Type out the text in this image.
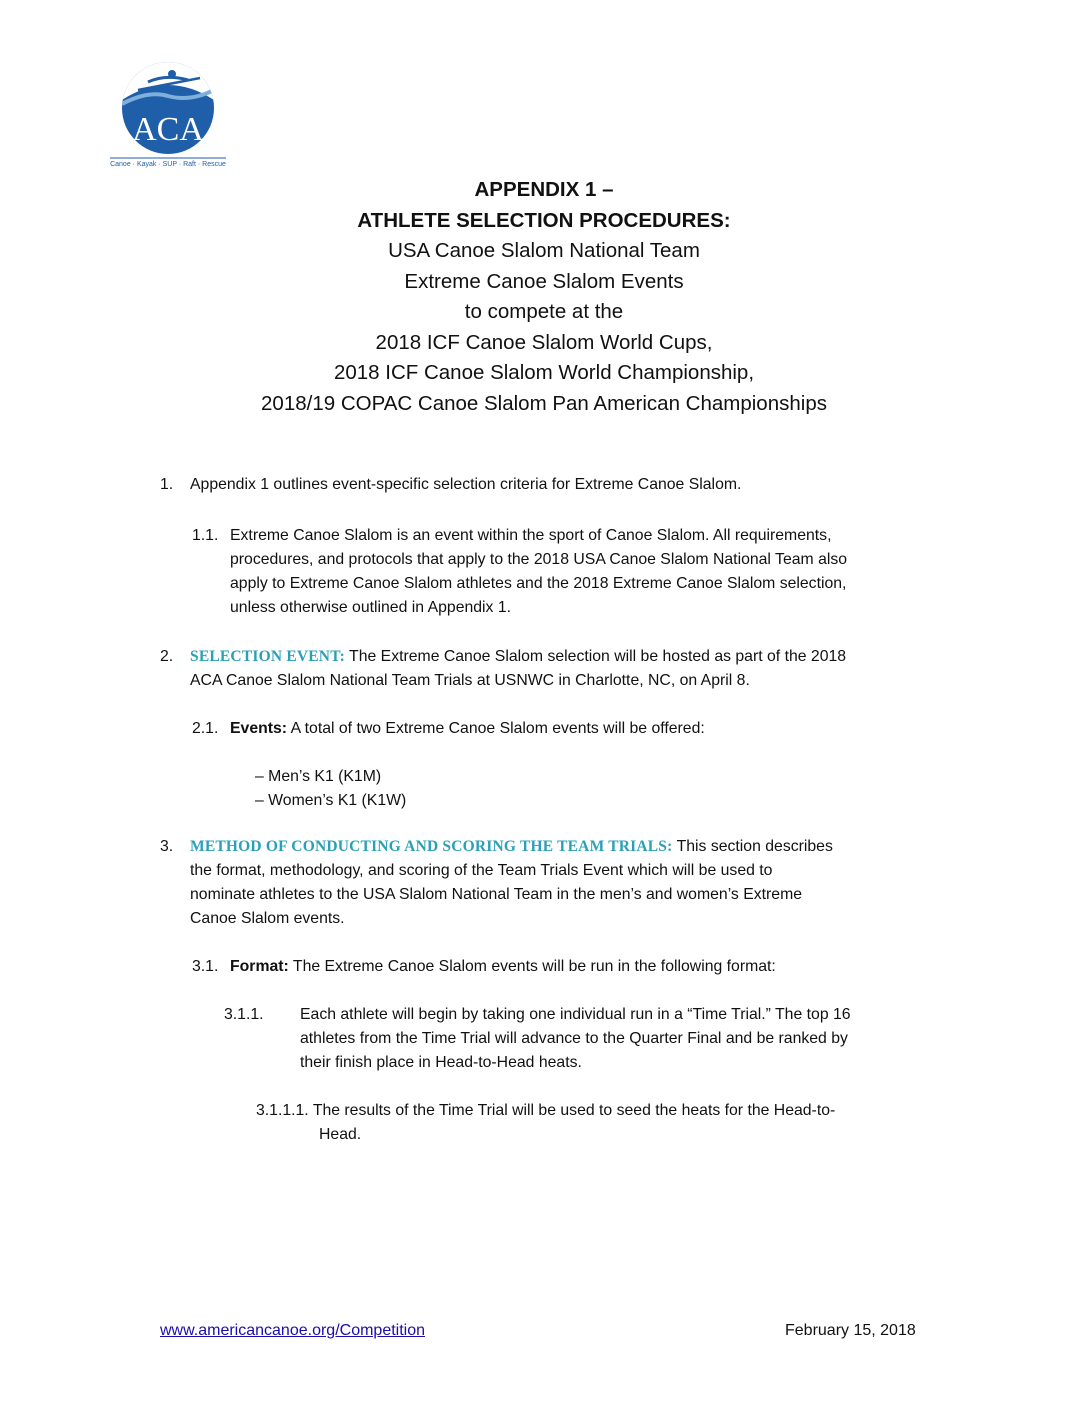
ACA
Canoe · Kayak · SUP · Raft · Rescue
APPENDIX 1 –
ATHLETE SELECTION PROCEDURES:
USA Canoe Slalom National Team
Extreme Canoe Slalom Events
to compete at the
2018 ICF Canoe Slalom World Cups,
2018 ICF Canoe Slalom World Championship,
2018/19 COPAC Canoe Slalom Pan American Championships
1. Appendix 1 outlines event-specific selection criteria for Extreme Canoe Slalom.
1.1. Extreme Canoe Slalom is an event within the sport of Canoe Slalom. All requirements,
procedures, and protocols that apply to the 2018 USA Canoe Slalom National Team also
apply to Extreme Canoe Slalom athletes and the 2018 Extreme Canoe Slalom selection,
unless otherwise outlined in Appendix 1.
2. SELECTION EVENT: The Extreme Canoe Slalom selection will be hosted as part of the 2018
ACA Canoe Slalom National Team Trials at USNWC in Charlotte, NC, on April 8.
2.1. Events: A total of two Extreme Canoe Slalom events will be offered:
– Men’s K1 (K1M)
– Women’s K1 (K1W)
3. METHOD OF CONDUCTING AND SCORING THE TEAM TRIALS: This section describes
the format, methodology, and scoring of the Team Trials Event which will be used to
nominate athletes to the USA Slalom National Team in the men’s and women’s Extreme
Canoe Slalom events.
3.1. Format: The Extreme Canoe Slalom events will be run in the following format:
3.1.1. Each athlete will begin by taking one individual run in a “Time Trial.” The top 16
athletes from the Time Trial will advance to the Quarter Final and be ranked by
their finish place in Head-to-Head heats.
3.1.1.1. The results of the Time Trial will be used to seed the heats for the Head-to-
Head.
www.americancanoe.org/Competition	February 15, 2018
